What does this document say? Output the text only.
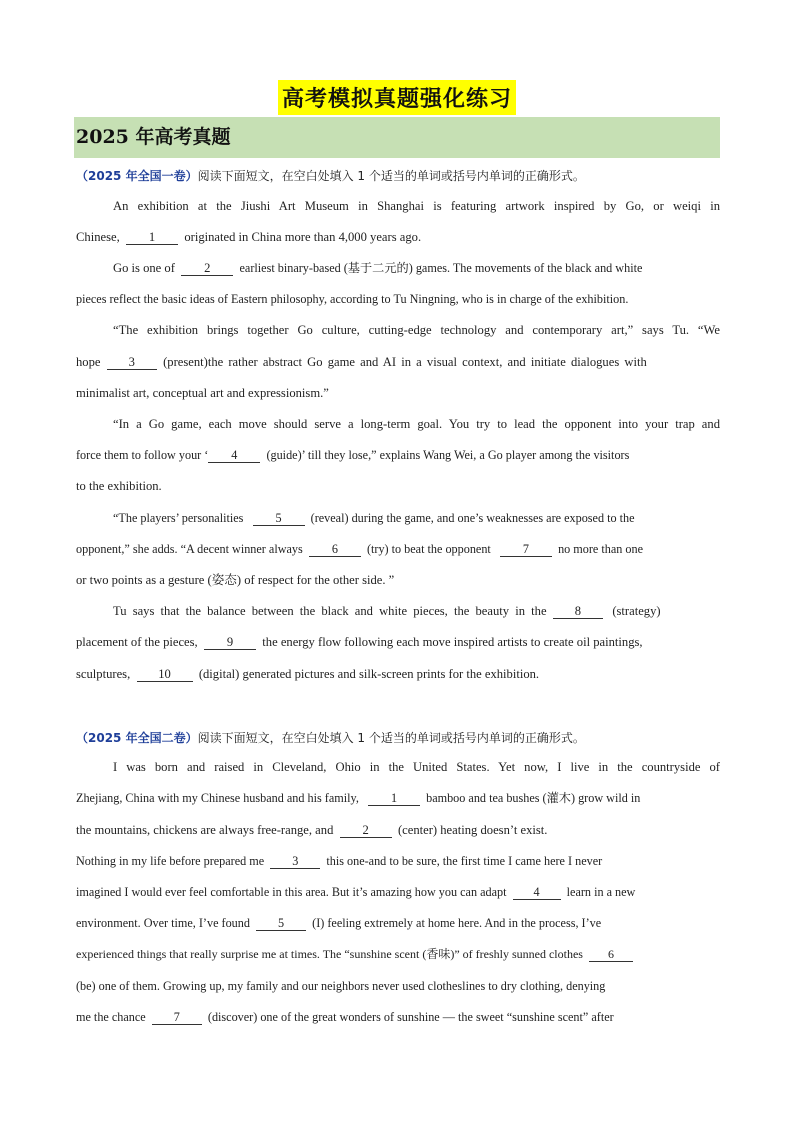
高考模拟真题强化练习
2025 年高考真题
（2025 年全国一卷）阅读下面短文，在空白处填入 1 个适当的单词或括号内单词的正确形式。
An exhibition at the Jiushi Art Museum in Shanghai is featuring artwork inspired by Go, or weiqi in
Chinese, 1 originated in China more than 4,000 years ago.
Go is one of 2 earliest binary-based (基于二元的) games. The movements of the black and white
pieces reflect the basic ideas of Eastern philosophy, according to Tu Ningning, who is in charge of the exhibition.
“The exhibition brings together Go culture, cutting-edge technology and contemporary art,” says Tu. “We
hope 3 (present)the rather abstract Go game and AI in a visual context, and initiate dialogues with
minimalist art, conceptual art and expressionism.”
“In a Go game, each move should serve a long-term goal. You try to lead the opponent into your trap and
force them to follow your ‘ 4 (guide)’ till they lose,” explains Wang Wei, a Go player among the visitors
to the exhibition.
“The players’ personalities	5 (reveal) during the game, and one’s weaknesses are exposed to the
opponent,” she adds. “A decent winner always 6 (try) to beat the opponent	7 no more than one
or two points as a gesture (姿态) of respect for the other side. ”
Tu says that the balance between the black and white pieces, the beauty in the 8 (strategy)
placement of the pieces, 9 the energy flow following each move inspired artists to create oil paintings,
sculptures, 10 (digital) generated pictures and silk-screen prints for the exhibition.
（2025 年全国二卷）阅读下面短文，在空白处填入 1 个适当的单词或括号内单词的正确形式。
I was born and raised in Cleveland, Ohio in the United States. Yet now, I live in the countryside of
Zhejiang, China with my Chinese husband and his family,	1 bamboo and tea bushes (灌木) grow wild in
the mountains, chickens are always free-range, and 2 (center) heating doesn’t exist.
Nothing in my life before prepared me 3 this one-and to be sure, the first time I came here I never
imagined I would ever feel comfortable in this area. But it’s amazing how you can adapt 4 learn in a new
environment. Over time, I’ve found 5 (I) feeling extremely at home here. And in the process, I’ve
experienced things that really surprise me at times. The “sunshine scent (香味)” of freshly sunned clothes 6
(be) one of them. Growing up, my family and our neighbors never used clotheslines to dry clothing, denying
me the chance 7 (discover) one of the great wonders of sunshine — the sweet “sunshine scent” after
